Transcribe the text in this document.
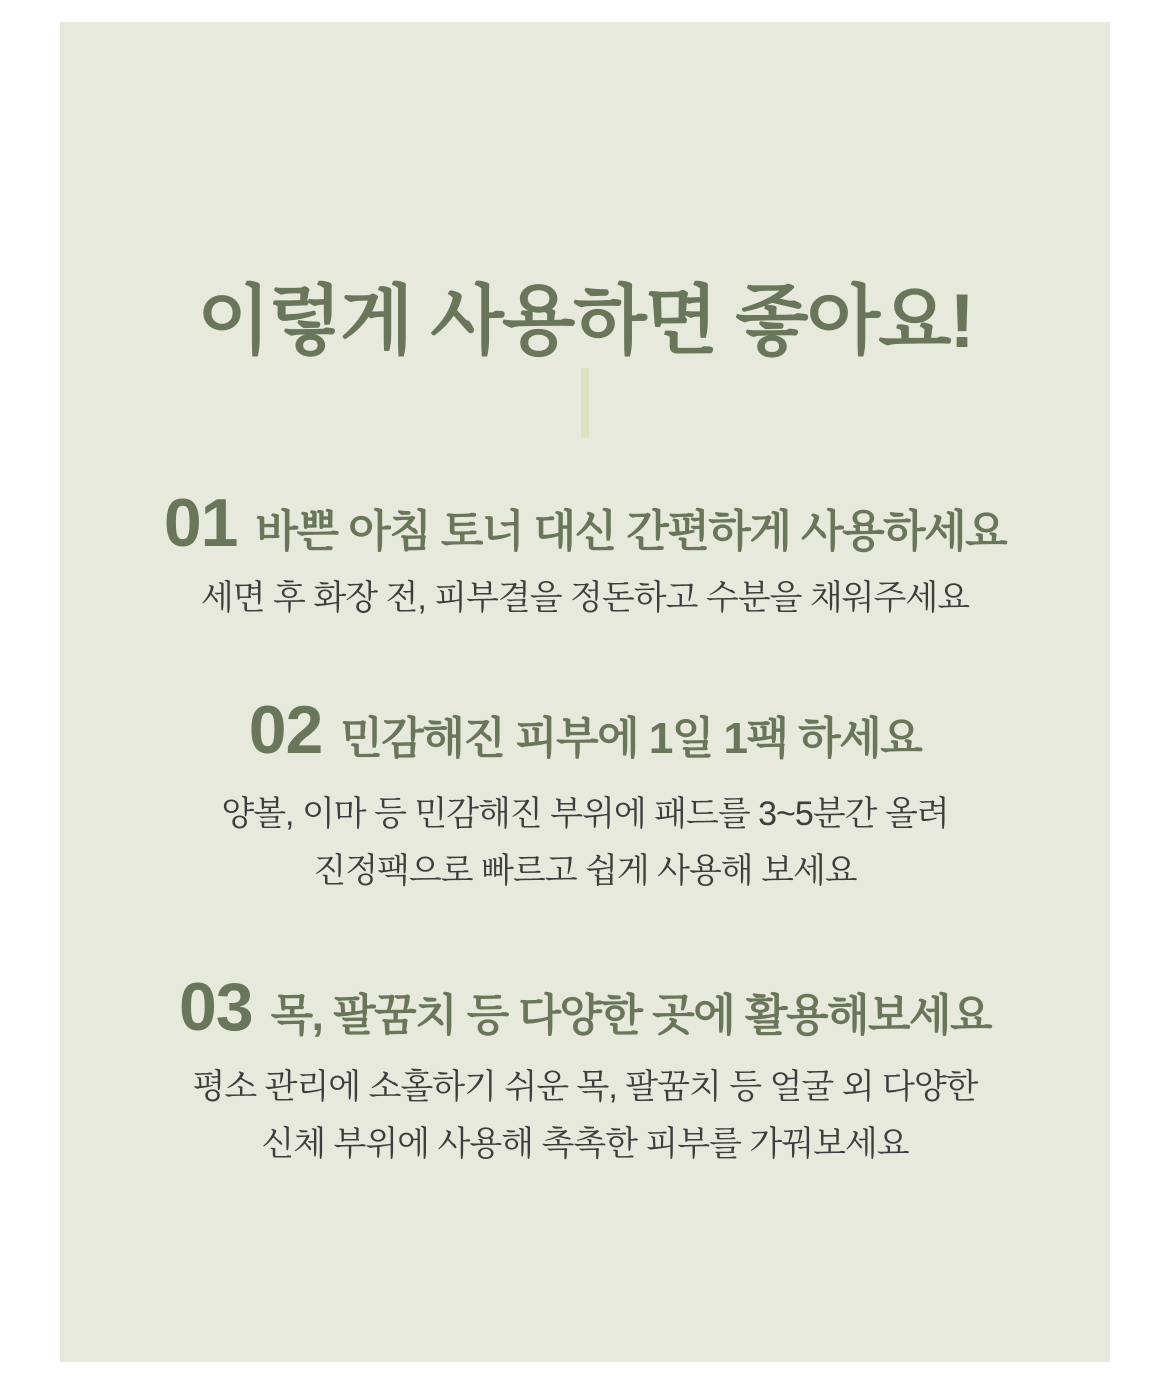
이렇게 사용하면 좋아요!
01 바쁜 아침 토너 대신 간편하게 사용하세요
세면 후 화장 전, 피부결을 정돈하고 수분을 채워주세요
02 민감해진 피부에 1일 1팩 하세요
양볼, 이마 등 민감해진 부위에 패드를 3~5분간 올려
진정팩으로 빠르고 쉽게 사용해 보세요
03 목, 팔꿈치 등 다양한 곳에 활용해보세요
평소 관리에 소홀하기 쉬운 목, 팔꿈치 등 얼굴 외 다양한
신체 부위에 사용해 촉촉한 피부를 가꿔보세요
